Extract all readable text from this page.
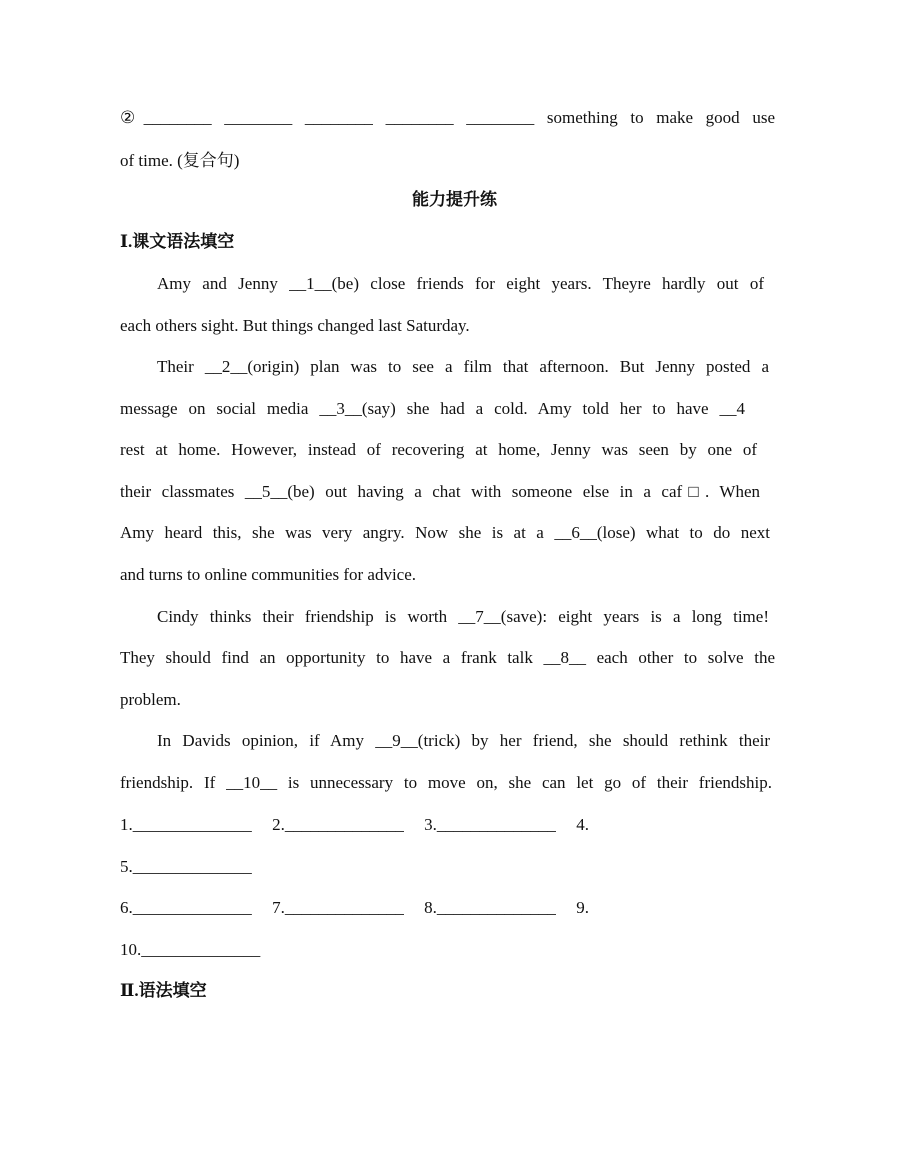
②________ ________ ________ ________ ________ something to make good use
of time. (复合句)
能力提升练
Ⅰ.课文语法填空
Amy and Jenny __1__(be) close friends for eight years. Theyre hardly out of
each others sight. But things changed last Saturday.
Their __2__(origin) plan was to see a film that afternoon. But Jenny posted a
message on social media __3__(say) she had a cold. Amy told her to have __4
rest at home. However, instead of recovering at home, Jenny was seen by one of
their classmates __5__(be) out having a chat with someone else in a caf□. When
Amy heard this, she was very angry. Now she is at a __6__(lose) what to do next
and turns to online communities for advice.
Cindy thinks their friendship is worth __7__(save): eight years is a long time!
They should find an opportunity to have a frank talk __8__ each other to solve the
problem.
In Davids opinion, if Amy __9__(trick) by her friend, she should rethink their
friendship. If __10__ is unnecessary to move on, she can let go of their friendship.
1.______________ 2.______________ 3.______________ 4.
5.______________
6.______________ 7.______________ 8.______________ 9.
10.______________
Ⅱ.语法填空
